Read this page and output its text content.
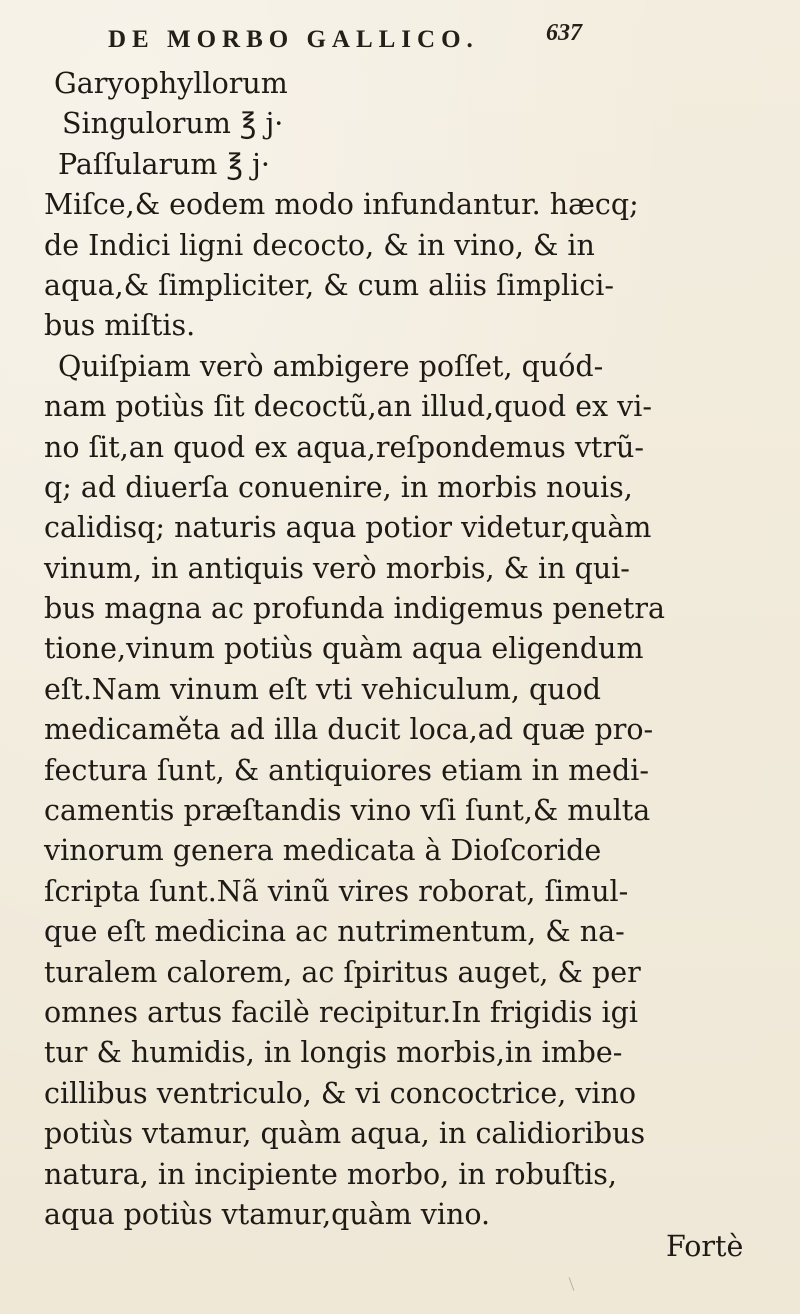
DE MORBO GALLICO.	637
Garyophyllorum
Singulorum ℥ j·
Paſſularum ℥ j·
Miſce,& eodem modo infundantur. hæcq;
de Indici ligni decocto, & in vino, & in
aqua,& ſimpliciter, & cum aliis ſimplici-
bus miſtis.
Quiſpiam verò ambigere poſſet, quód-
nam potiùs ſit decoctũ,an illud,quod ex vi-
no ſit,an quod ex aqua,reſpondemus vtrũ-
q; ad diuerſa conuenire, in morbis nouis,
calidisq; naturis aqua potior videtur,quàm
vinum, in antiquis verò morbis, & in qui-
bus magna ac profunda indigemus penetra
tione,vinum potiùs quàm aqua eligendum
eſt.Nam vinum eſt vti vehiculum, quod
medicaměta ad illa ducit loca,ad quæ pro-
fectura ſunt, & antiquiores etiam in medi-
camentis præſtandis vino vſi ſunt,& multa
vinorum genera medicata à Dioſcoride
ſcripta ſunt.Nã vinũ vires roborat, ſimul-
que eſt medicina ac nutrimentum, & na-
turalem calorem, ac ſpiritus auget, & per
omnes artus facilè recipitur.In frigidis igi
tur & humidis, in longis morbis,in imbe-
cillibus ventriculo, & vi concoctrice, vino
potiùs vtamur, quàm aqua, in calidioribus
natura, in incipiente morbo, in robuſtis,
aqua potiùs vtamur,quàm vino.
Fortè
